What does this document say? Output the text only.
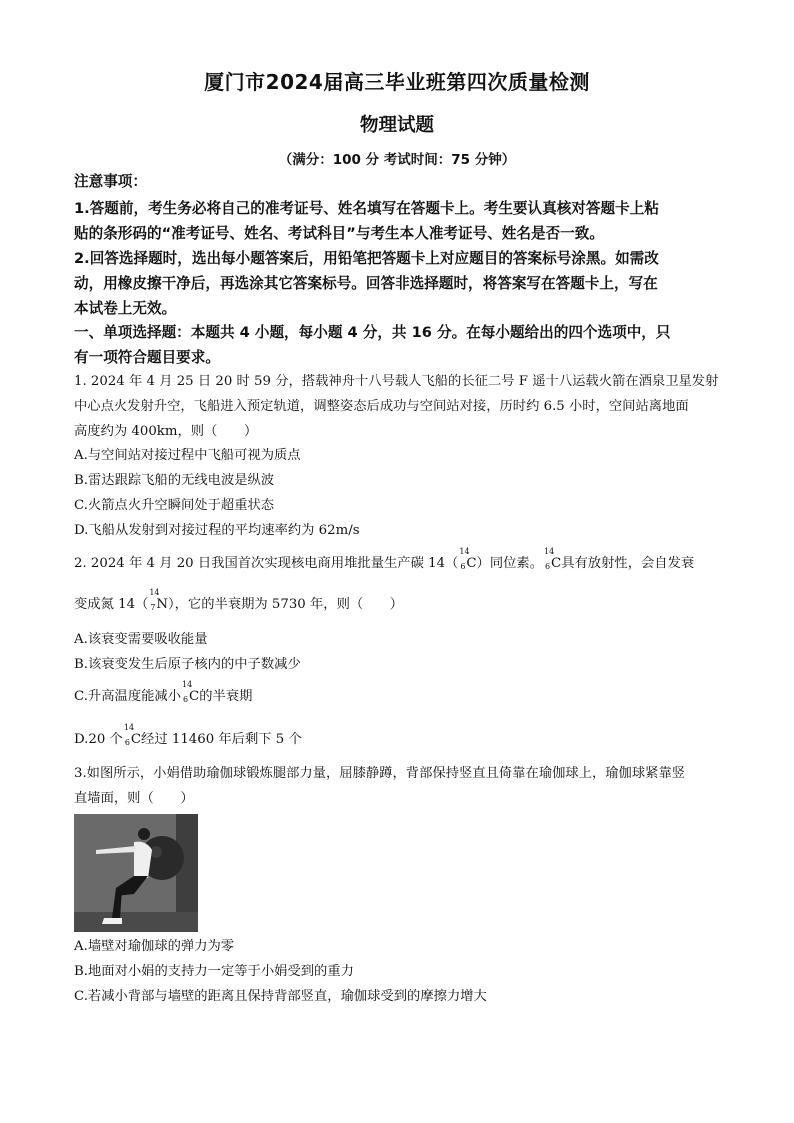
厦门市2024届高三毕业班第四次质量检测
物理试题
（满分：100 分 考试时间：75 分钟）
注意事项：
1.答题前，考生务必将自己的准考证号、姓名填写在答题卡上。考生要认真核对答题卡上粘
贴的条形码的“准考证号、姓名、考试科目”与考生本人准考证号、姓名是否一致。
2.回答选择题时，选出每小题答案后，用铅笔把答题卡上对应题目的答案标号涂黑。如需改
动，用橡皮擦干净后，再选涂其它答案标号。回答非选择题时，将答案写在答题卡上，写在
本试卷上无效。
一、单项选择题：本题共 4 小题，每小题 4 分，共 16 分。在每小题给出的四个选项中，只
有一项符合题目要求。
1. 2024 年 4 月 25 日 20 时 59 分，搭载神舟十八号载人飞船的长征二号 F 遥十八运载火箭在酒泉卫星发射
中心点火发射升空，飞船进入预定轨道，调整姿态后成功与空间站对接，历时约 6.5 小时，空间站离地面
高度约为 400km，则（　　）
A.与空间站对接过程中飞船可视为质点
B.雷达跟踪飞船的无线电波是纵波
C.火箭点火升空瞬间处于超重状态
D.飞船从发射到对接过程的平均速率约为 62m/s
2. 2024 年 4 月 20 日我国首次实现核电商用堆批量生产碳 14（
14
6 C）同位素。
14
6 C具有放射性，会自发衰
变成氮 14（
14
7 N），它的半衰期为 5730 年，则（　　）
A.该衰变需要吸收能量
B.该衰变发生后原子核内的中子数减少
C.升高温度能减小
14
6 C的半衰期
D.20 个
14
6 C经过 11460 年后剩下 5 个
3.如图所示，小娟借助瑜伽球锻炼腿部力量，屈膝静蹲，背部保持竖直且倚靠在瑜伽球上，瑜伽球紧靠竖
直墙面，则（　　）
A.墙壁对瑜伽球的弹力为零
B.地面对小娟的支持力一定等于小娟受到的重力
C.若减小背部与墙壁的距离且保持背部竖直，瑜伽球受到的摩擦力增大
